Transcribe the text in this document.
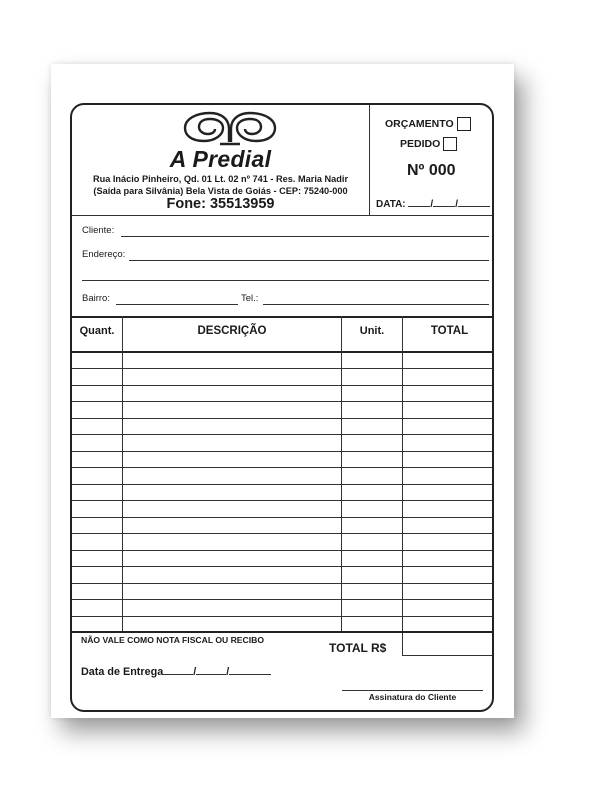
A Predial
Rua Inácio Pinheiro, Qd. 01 Lt. 02 nº 741 - Res. Maria Nadir
(Saída para Silvânia) Bela Vista de Goiás - CEP: 75240-000
Fone: 35513959
ORÇAMENTO
PEDIDO
Nº 000
DATA: / /
Cliente:
Endereço:
Bairro:	Tel.:
Quant.	DESCRIÇÃO	Unit.	TOTAL
NÃO VALE COMO NOTA FISCAL OU RECIBO
TOTAL R$
Data de Entrega	/	/
Assinatura do Cliente
